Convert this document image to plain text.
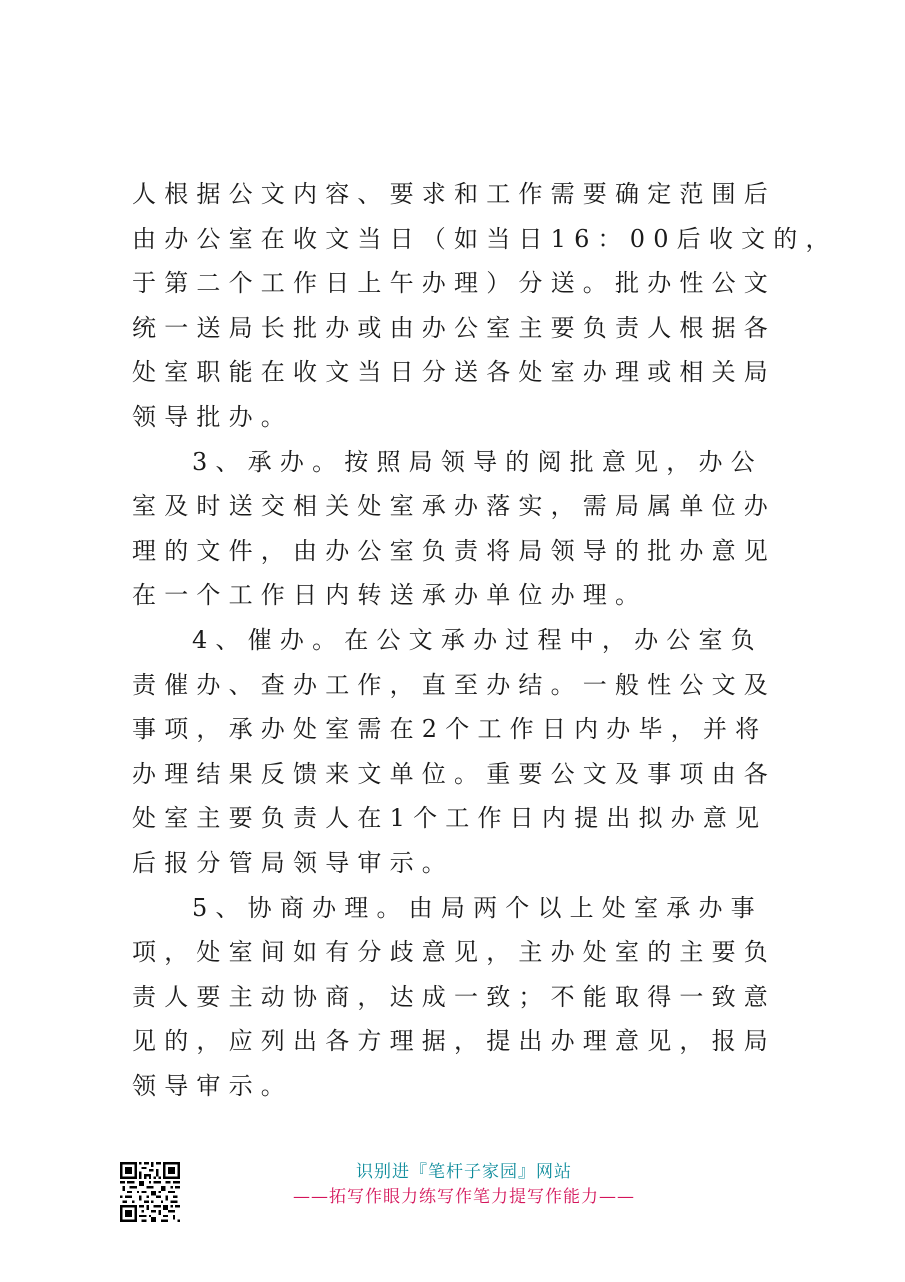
人根据公文内容、要求和工作需要确定范围后
由办公室在收文当日（如当日16：00后收文的，
于第二个工作日上午办理）分送。批办性公文
统一送局长批办或由办公室主要负责人根据各
处室职能在收文当日分送各处室办理或相关局
领导批办。
3、承办。按照局领导的阅批意见，办公
室及时送交相关处室承办落实，需局属单位办
理的文件，由办公室负责将局领导的批办意见
在一个工作日内转送承办单位办理。
4、催办。在公文承办过程中，办公室负
责催办、查办工作，直至办结。一般性公文及
事项，承办处室需在2个工作日内办毕，并将
办理结果反馈来文单位。重要公文及事项由各
处室主要负责人在1个工作日内提出拟办意见
后报分管局领导审示。
5、协商办理。由局两个以上处室承办事
项，处室间如有分歧意见，主办处室的主要负
责人要主动协商，达成一致；不能取得一致意
见的，应列出各方理据，提出办理意见，报局
领导审示。
识别进『笔杆子家园』网站
——拓写作眼力练写作笔力提写作能力——
